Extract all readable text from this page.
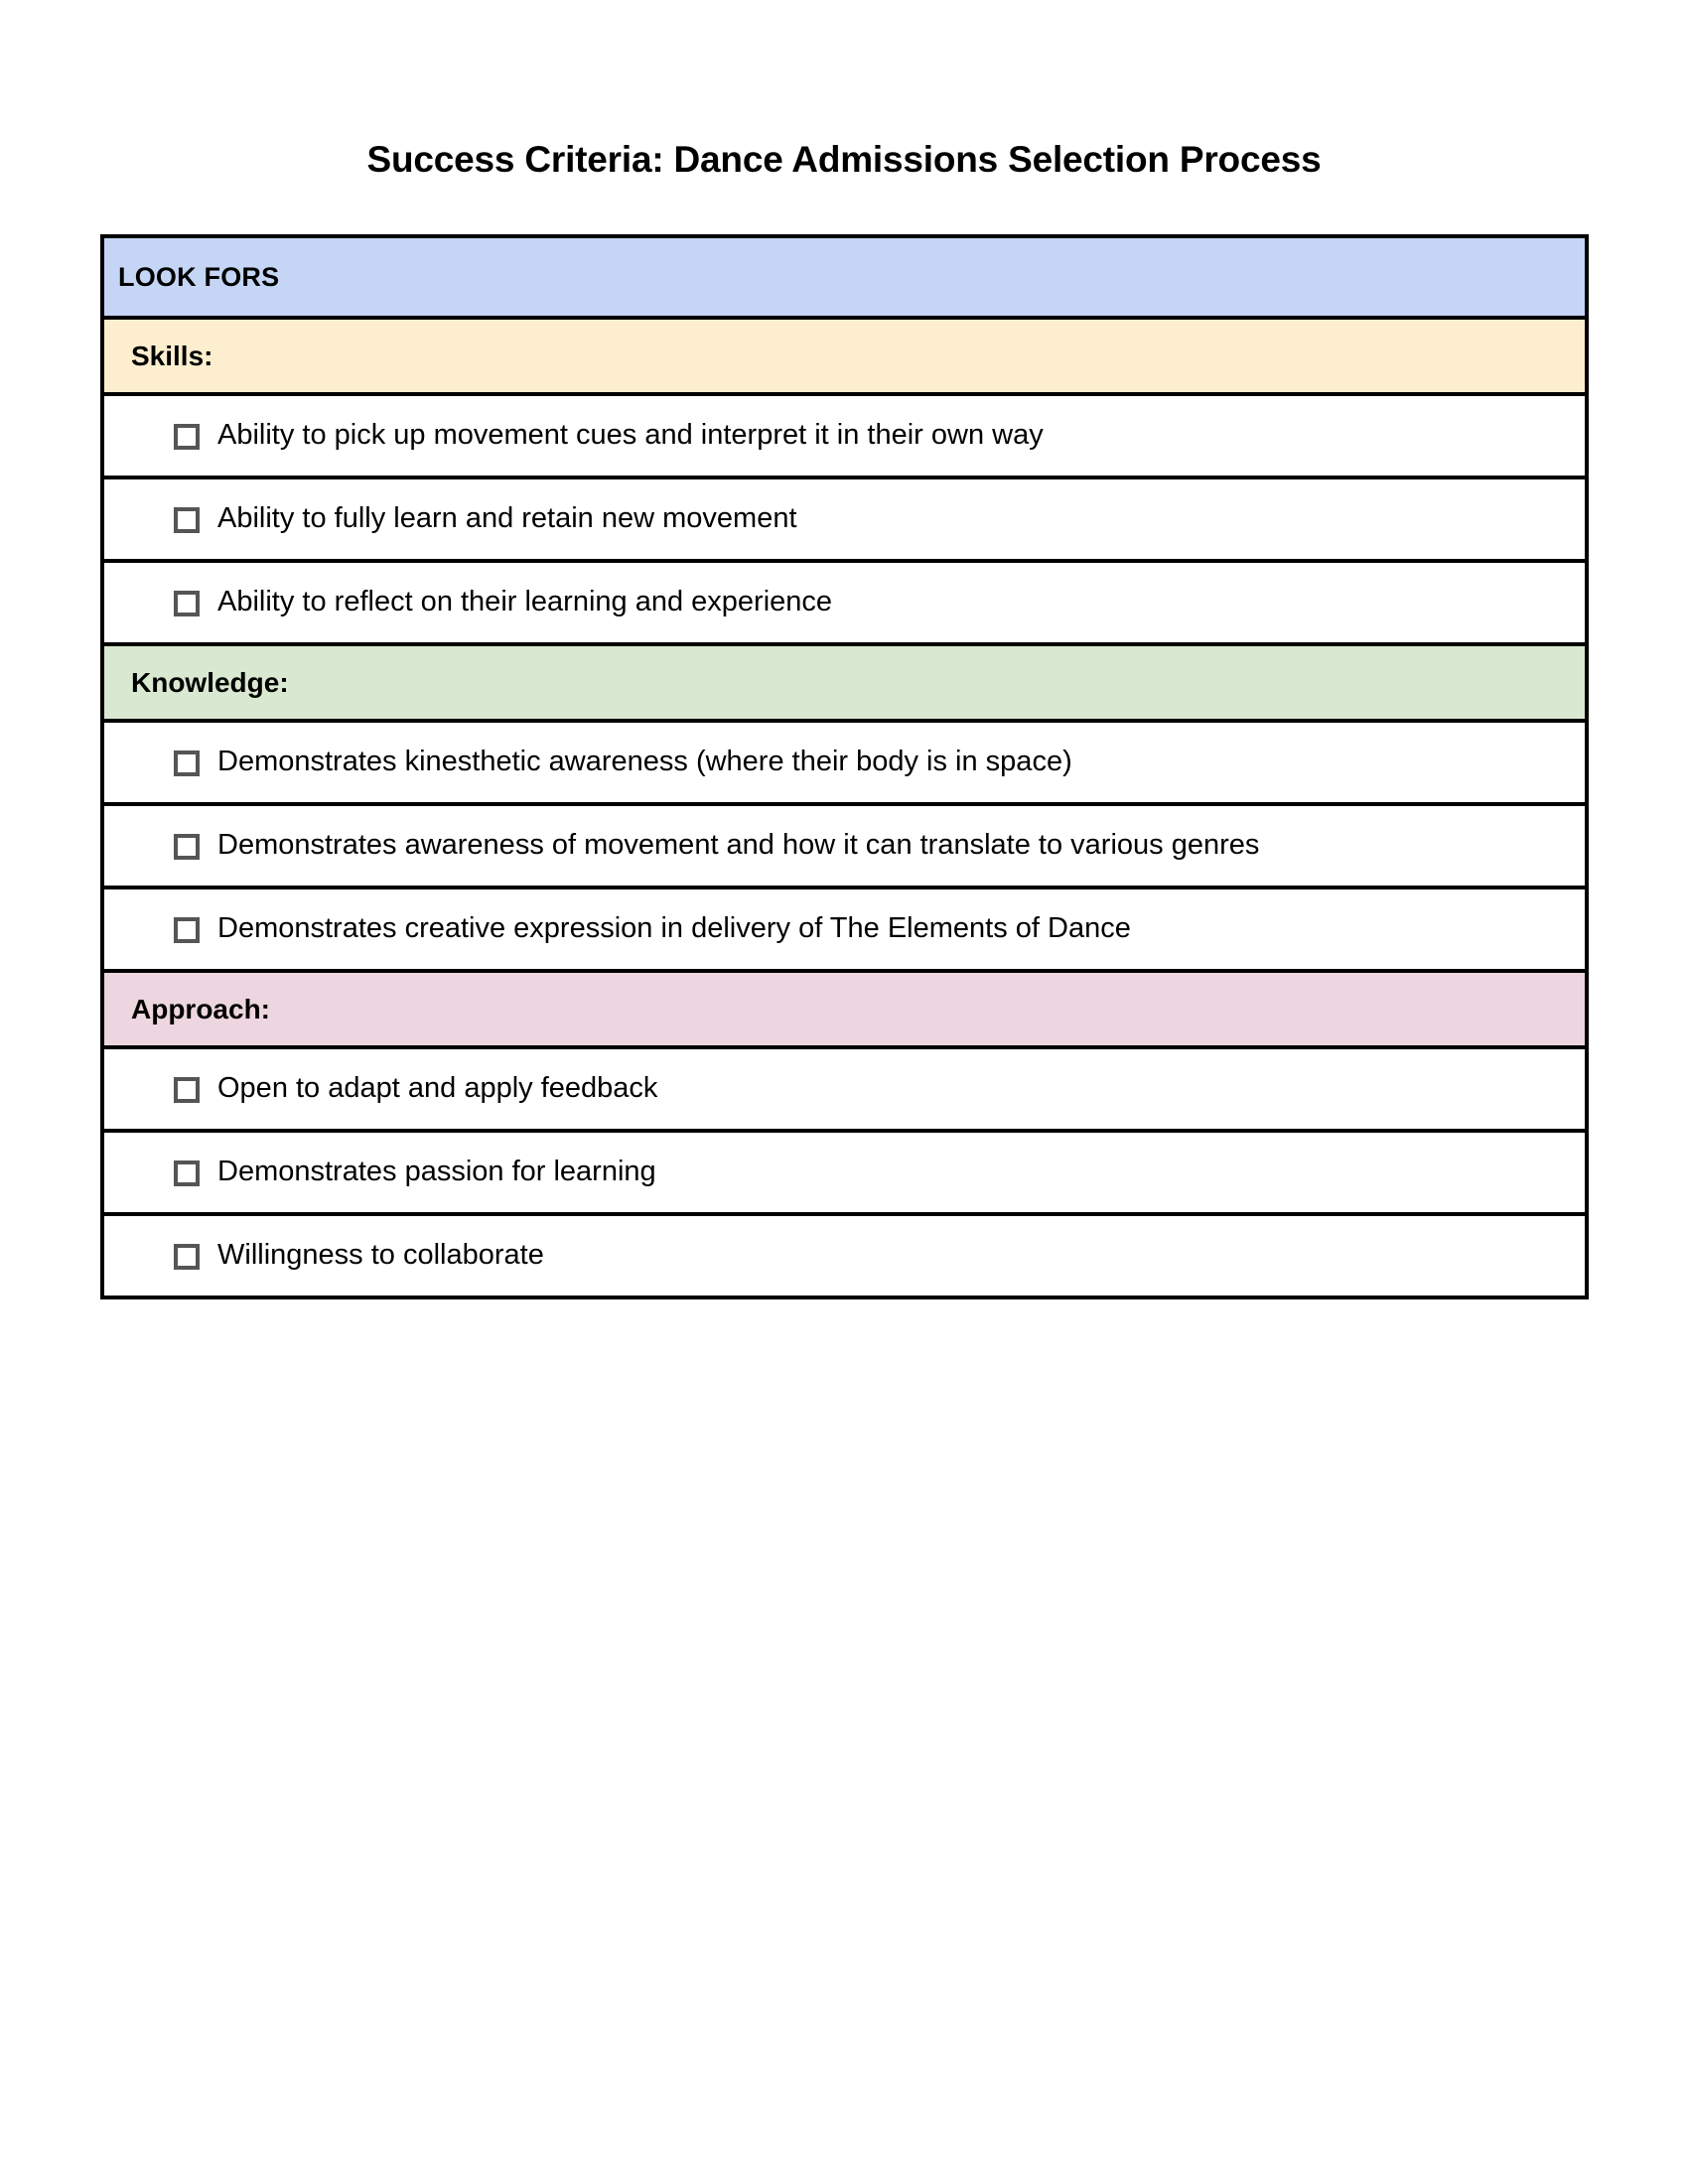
Success Criteria: Dance Admissions Selection Process
LOOK FORS
Skills:

Ability to pick up movement cues and interpret it in their own way

Ability to fully learn and retain new movement

Ability to reflect on their learning and experience

Knowledge:

Demonstrates kinesthetic awareness (where their body is in space)

Demonstrates awareness of movement and how it can translate to various genres

Demonstrates creative expression in delivery of The Elements of Dance

Approach:

Open to adapt and apply feedback

Demonstrates passion for learning

Willingness to collaborate
